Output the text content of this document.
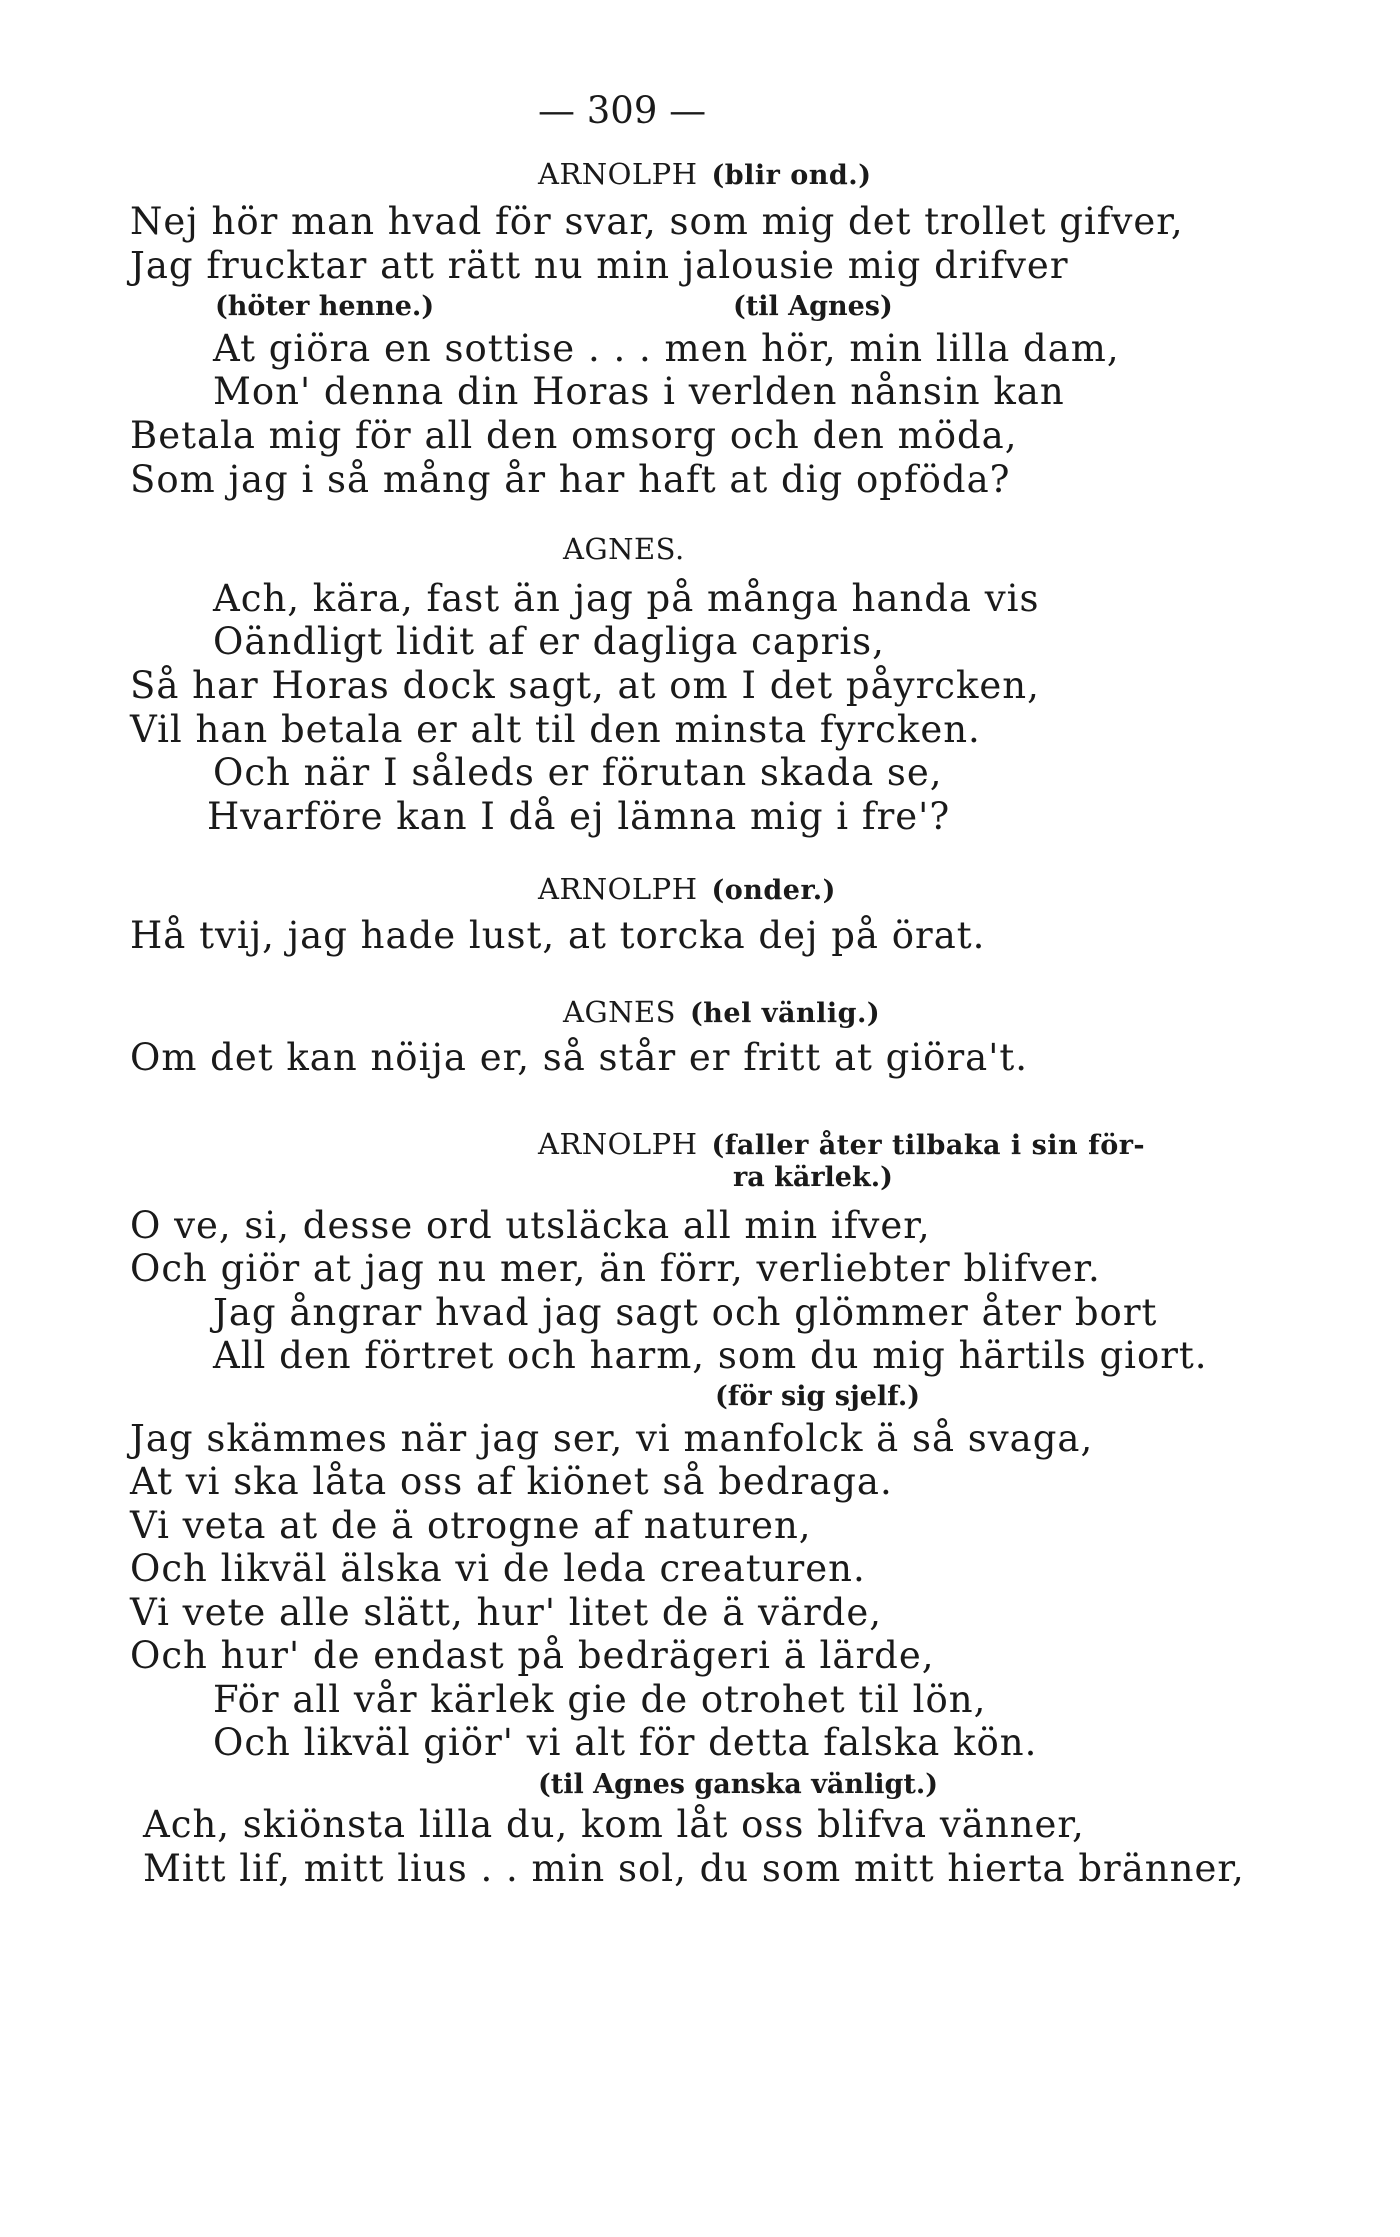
— 309 —
ARNOLPH (blir ond.)
Nej hör man hvad för svar, som mig det trollet gifver,
Jag frucktar att rätt nu min jalousie mig drifver
(höter henne.)	(til Agnes)
At giöra en sottise . . . men hör, min lilla dam,
Mon' denna din Horas i verlden nånsin kan
Betala mig för all den omsorg och den möda,
Som jag i så mång år har haft at dig opföda?
AGNES.
Ach, kära, fast än jag på många handa vis
Oändligt lidit af er dagliga capris,
Så har Horas dock sagt, at om I det påyrcken,
Vil han betala er alt til den minsta fyrcken.
Och när I såleds er förutan skada se,
Hvarföre kan I då ej lämna mig i fre'?
ARNOLPH (onder.)
Hå tvij, jag hade lust, at torcka dej på örat.
AGNES (hel vänlig.)
Om det kan nöija er, så står er fritt at giöra't.
ARNOLPH (faller åter tilbaka i sin för-
ra kärlek.)
O ve, si, desse ord utsläcka all min ifver,
Och giör at jag nu mer, än förr, verliebter blifver.
Jag ångrar hvad jag sagt och glömmer åter bort
All den förtret och harm, som du mig härtils giort.
(för sig sjelf.)
Jag skämmes när jag ser, vi manfolck ä så svaga,
At vi ska låta oss af kiönet så bedraga.
Vi veta at de ä otrogne af naturen,
Och likväl älska vi de leda creaturen.
Vi vete alle slätt, hur' litet de ä värde,
Och hur' de endast på bedrägeri ä lärde,
För all vår kärlek gie de otrohet til lön,
Och likväl giör' vi alt för detta falska kön.
(til Agnes ganska vänligt.)
Ach, skiönsta lilla du, kom låt oss blifva vänner,
Mitt lif, mitt lius . . min sol, du som mitt hierta bränner,
